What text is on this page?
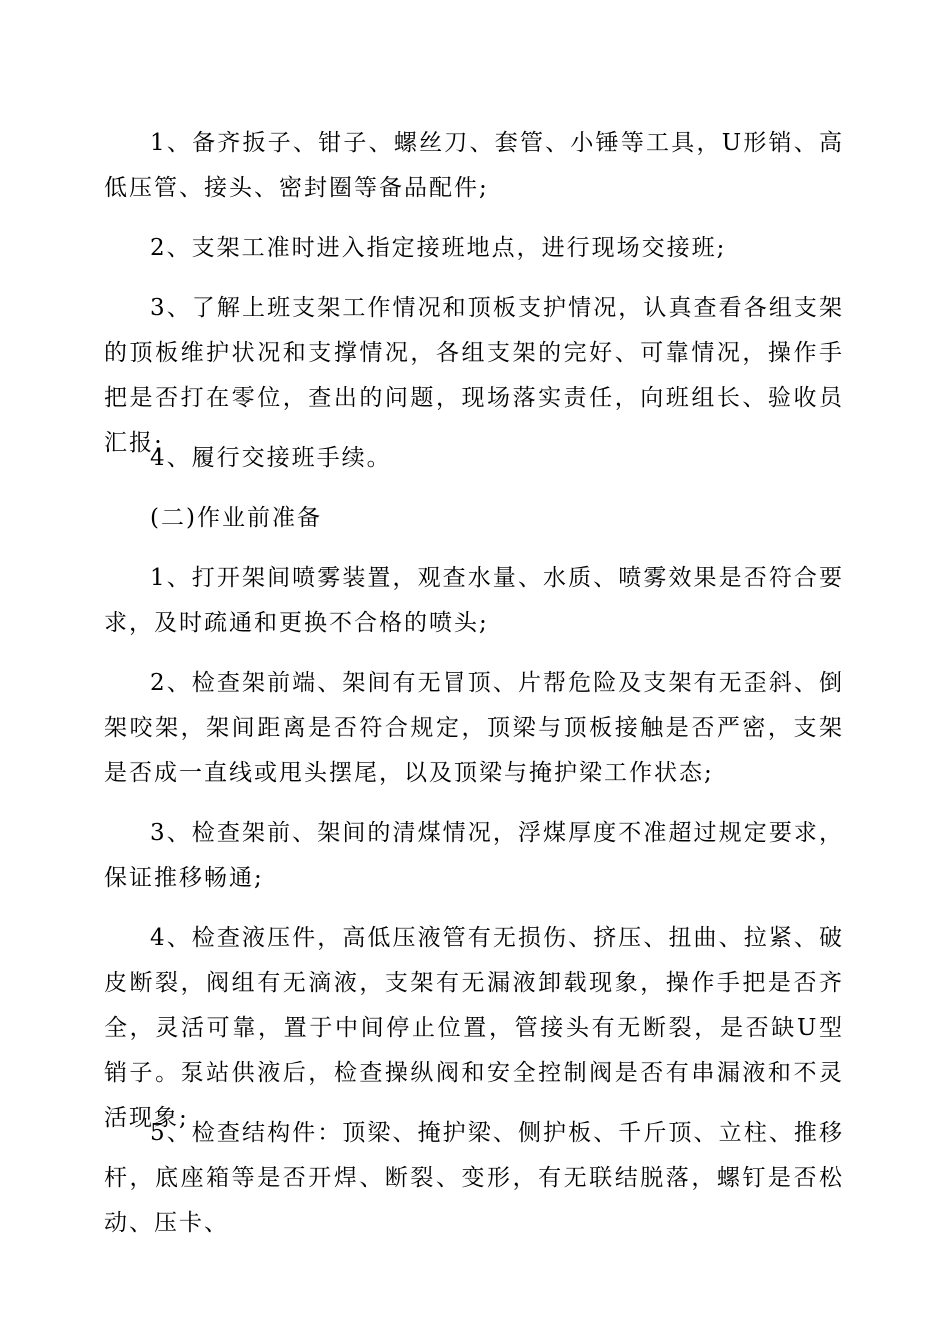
1、备齐扳子、钳子、螺丝刀、套管、小锤等工具，U形销、高低压管、接头、密封圈等备品配件;

2、支架工准时进入指定接班地点，进行现场交接班;

3、了解上班支架工作情况和顶板支护情况，认真查看各组支架的顶板维护状况和支撑情况，各组支架的完好、可靠情况，操作手把是否打在零位，查出的问题，现场落实责任，向班组长、验收员汇报;

4、履行交接班手续。

(二)作业前准备

1、打开架间喷雾装置，观查水量、水质、喷雾效果是否符合要求，及时疏通和更换不合格的喷头;

2、检查架前端、架间有无冒顶、片帮危险及支架有无歪斜、倒架咬架，架间距离是否符合规定，顶梁与顶板接触是否严密，支架是否成一直线或甩头摆尾，以及顶梁与掩护梁工作状态;

3、检查架前、架间的清煤情况，浮煤厚度不准超过规定要求，保证推移畅通;

4、检查液压件，高低压液管有无损伤、挤压、扭曲、拉紧、破皮断裂，阀组有无滴液，支架有无漏液卸载现象，操作手把是否齐全，灵活可靠，置于中间停止位置，管接头有无断裂，是否缺U型销子。泵站供液后，检查操纵阀和安全控制阀是否有串漏液和不灵活现象;

5、检查结构件：顶梁、掩护梁、侧护板、千斤顶、立柱、推移杆，底座箱等是否开焊、断裂、变形，有无联结脱落，螺钉是否松动、压卡、
